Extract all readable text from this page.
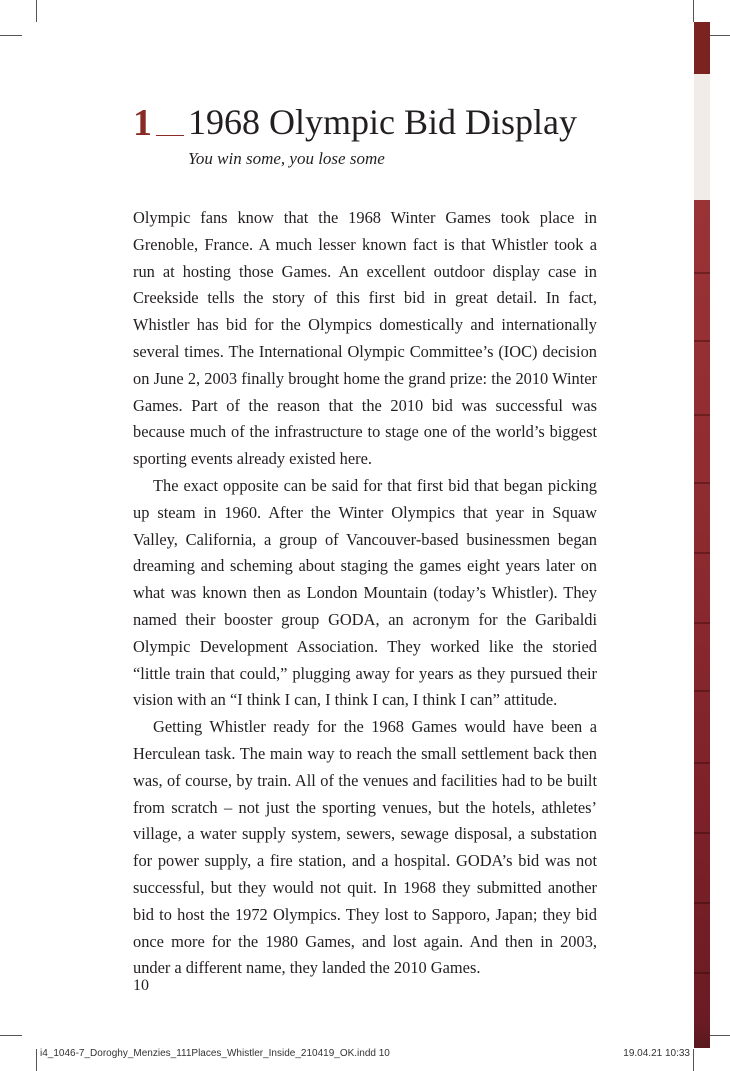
1 1968 Olympic Bid Display
You win some, you lose some

Olympic fans know that the 1968 Winter Games took place in Grenoble, France. A much lesser known fact is that Whistler took a run at hosting those Games. An excellent outdoor display case in Creekside tells the story of this first bid in great detail. In fact, Whistler has bid for the Olympics domestically and internationally several times. The International Olympic Committee’s (IOC) decision on June 2, 2003 finally brought home the grand prize: the 2010 Winter Games. Part of the reason that the 2010 bid was successful was because much of the infrastructure to stage one of the world’s biggest sporting events already existed here.

The exact opposite can be said for that first bid that began picking up steam in 1960. After the Winter Olympics that year in Squaw Valley, California, a group of Vancouver-based businessmen began dreaming and scheming about staging the games eight years later on what was known then as London Mountain (today’s Whistler). They named their booster group GODA, an acronym for the Garibaldi Olympic Development Association. They worked like the storied “little train that could,” plugging away for years as they pursued their vision with an “I think I can, I think I can, I think I can” attitude.

Getting Whistler ready for the 1968 Games would have been a Herculean task. The main way to reach the small settlement back then was, of course, by train. All of the venues and facilities had to be built from scratch – not just the sporting venues, but the hotels, athletes’ village, a water supply system, sewers, sewage disposal, a substation for power supply, a fire station, and a hospital. GODA’s bid was not successful, but they would not quit. In 1968 they submitted another bid to host the 1972 Olympics. They lost to Sapporo, Japan; they bid once more for the 1980 Games, and lost again. And then in 2003, under a different name, they landed the 2010 Games.

10
i4_1046-7_Doroghy_Menzies_111Places_Whistler_Inside_210419_OK.indd 10	19.04.21 10:33
